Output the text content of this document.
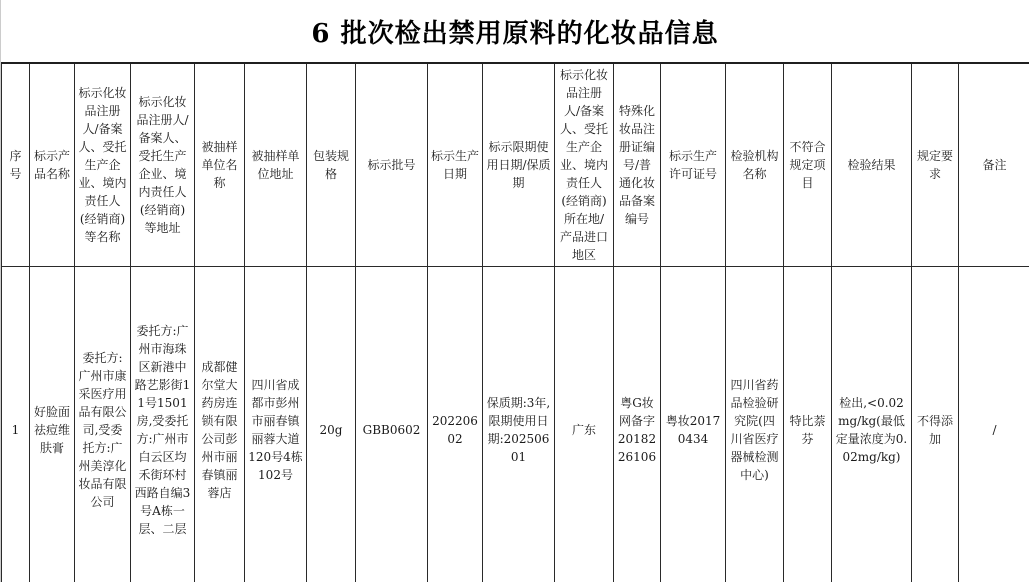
6 批次检出禁用原料的化妆品信息
序号	标示产品名称	标示化妆品注册人/备案人、受托生产企业、境内责任人(经销商)等名称	标示化妆品注册人/备案人、受托生产企业、境内责任人(经销商)等地址	被抽样单位名称	被抽样单位地址	包装规格	标示批号	标示生产日期	标示限期使用日期/保质期	标示化妆品注册人/备案人、受托生产企业、境内责任人(经销商)所在地/产品进口地区	特殊化妆品注册证编号/普通化妆品备案编号	标示生产许可证号	检验机构名称	不符合规定项目	检验结果	规定要求	备注
1	好脸面祛痘维肤膏	委托方:广州市康采医疗用品有限公司,受委托方:广州美淳化妆品有限公司	委托方:广州市海珠区新港中路艺影街11号1501房,受委托方:广州市白云区均禾街环村西路自编3号A栋一层、二层	成都健尔堂大药房连锁有限公司彭州市丽春镇丽蓉店	四川省成都市彭州市丽春镇丽蓉大道120号4栋102号	20g	GBB0602	20220602	保质期:3年,限期使用日期:20250601	广东	粤G妆网备字2018226106	粤妆20170434	四川省药品检验研究院(四川省医疗器械检测中心)	特比萘芬	检出,<0.02mg/kg(最低定量浓度为0.02mg/kg)	不得添加	/
